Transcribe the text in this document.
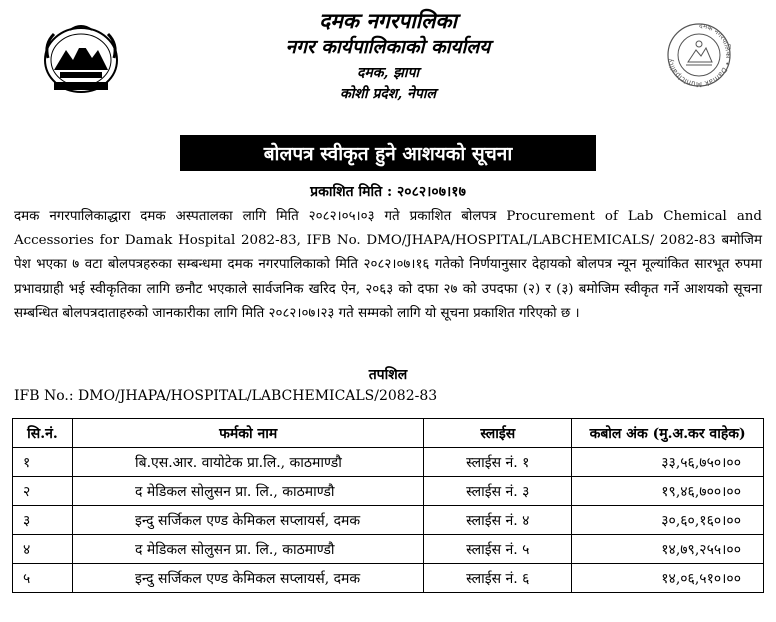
दमक नगरपालिका • Damak Municipality
दमक नगरपालिका
नगर कार्यपालिकाको कार्यालय
दमक, झापा
कोशी प्रदेश, नेपाल
बोलपत्र स्वीकृत हुने आशयको सूचना
प्रकाशित मिति : २०८२।०७।१७
दमक नगरपालिकाद्धारा दमक अस्पतालका लागि मिति २०८२।०५।०३ गते प्रकाशित बोलपत्र Procurement of Lab Chemical and Accessories for Damak Hospital 2082-83, IFB No. DMO/JHAPA/HOSPITAL/LABCHEMICALS/ 2082-83 बमोजिम पेश भएका ७ वटा बोलपत्रहरुका सम्बन्धमा दमक नगरपालिकाको मिति २०८२।०७।१६ गतेको निर्णयानुसार देहायको बोलपत्र न्यून मूल्यांकित सारभूत रुपमा प्रभावग्राही भई स्वीकृतिका लागि छनौट भएकाले सार्वजनिक खरिद ऐन, २०६३ को दफा २७ को उपदफा (२) र (३) बमोजिम स्वीकृत गर्ने आशयको सूचना सम्बन्धित बोलपत्रदाताहरुको जानकारीका लागि मिति २०८२।०७।२३ गते सम्मको लागि यो सूचना प्रकाशित गरिएको छ ।
तपशिल
IFB No.: DMO/JHAPA/HOSPITAL/LABCHEMICALS/2082-83
सि.नं.	फर्मको नाम	स्लाईस	कबोल अंक (मु.अ.कर वाहेक)
१	बि.एस.आर. वायोटेक प्रा.लि., काठमाण्डौ	स्लाईस नं. १	३३,५६,७५०।००
२	द मेडिकल सोलुसन प्रा. लि., काठमाण्डौ	स्लाईस नं. ३	१९,४६,७००।००
३	इन्दु सर्जिकल एण्ड केमिकल सप्लायर्स, दमक	स्लाईस नं. ४	३०,६०,१६०।००
४	द मेडिकल सोलुसन प्रा. लि., काठमाण्डौ	स्लाईस नं. ५	१४,७९,२५५।००
५	इन्दु सर्जिकल एण्ड केमिकल सप्लायर्स, दमक	स्लाईस नं. ६	१४,०६,५१०।००
